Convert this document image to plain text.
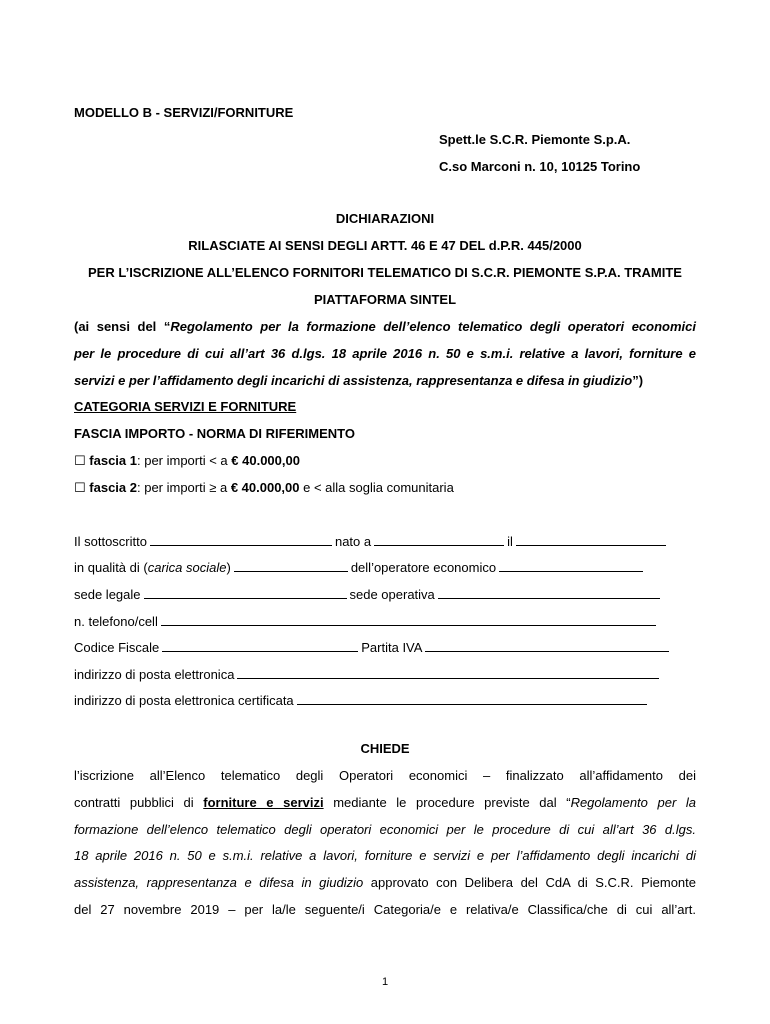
MODELLO B - SERVIZI/FORNITURE
Spett.le S.C.R. Piemonte S.p.A.
C.so Marconi n. 10, 10125 Torino
DICHIARAZIONI
RILASCIATE AI SENSI DEGLI ARTT. 46 E 47 DEL d.P.R. 445/2000
PER L’ISCRIZIONE ALL’ELENCO FORNITORI TELEMATICO DI S.C.R. PIEMONTE S.P.A. TRAMITE
PIATTAFORMA SINTEL
(ai sensi del “Regolamento per la formazione dell’elenco telematico degli operatori economici
per le procedure di cui all’art 36 d.lgs. 18 aprile 2016 n. 50 e s.m.i. relative a lavori, forniture e
servizi e per l’affidamento degli incarichi di assistenza, rappresentanza e difesa in giudizio”)
CATEGORIA SERVIZI E FORNITURE
FASCIA IMPORTO - NORMA DI RIFERIMENTO
☐ fascia 1: per importi < a € 40.000,00
☐ fascia 2: per importi ≥ a € 40.000,00 e < alla soglia comunitaria
Il sottoscritto	nato a	il
in qualità di (carica sociale)	dell’operatore economico
sede legale	sede operativa
n. telefono/cell
Codice Fiscale	Partita IVA
indirizzo di posta elettronica
indirizzo di posta elettronica certificata
CHIEDE
l’iscrizione all’Elenco telematico degli Operatori economici – finalizzato all’affidamento dei
contratti pubblici di forniture e servizi mediante le procedure previste dal “Regolamento per la
formazione dell’elenco telematico degli operatori economici per le procedure di cui all’art 36 d.lgs.
18 aprile 2016 n. 50 e s.m.i. relative a lavori, forniture e servizi e per l’affidamento degli incarichi di
assistenza, rappresentanza e difesa in giudizio approvato con Delibera del CdA di S.C.R. Piemonte
del 27 novembre 2019 – per la/le seguente/i Categoria/e e relativa/e Classifica/che di cui all’art.
1
